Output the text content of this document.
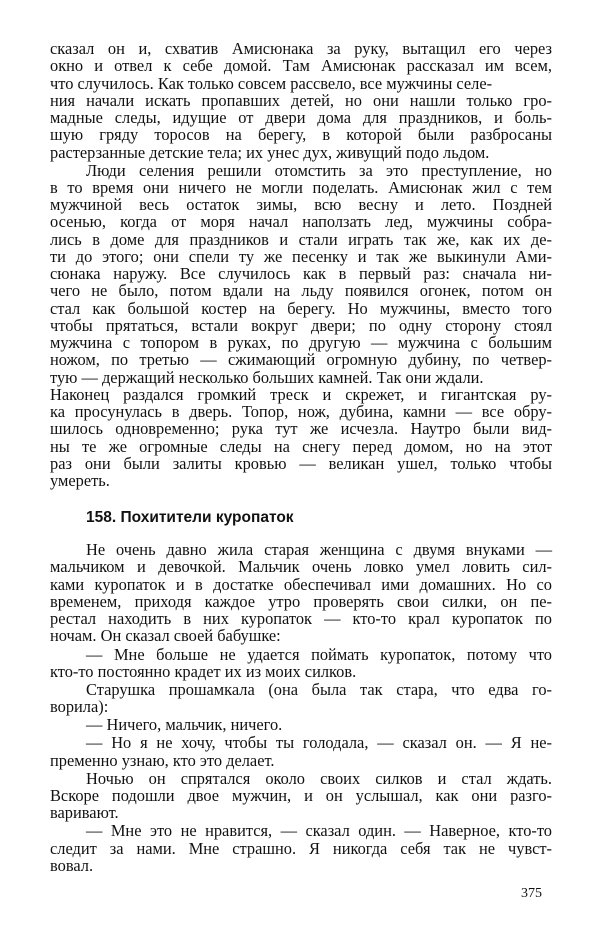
сказал он и, схватив Амисюнака за руку, вытащил его через
окно и отвел к себе домой. Там Амисюнак рассказал им всем,
что случилось. Как только совсем рассвело, все мужчины селе-
ния начали искать пропавших детей, но они нашли только гро-
мадные следы, идущие от двери дома для праздников, и боль-
шую гряду торосов на берегу, в которой были разбросаны
растерзанные детские тела; их унес дух, живущий подо льдом.
Люди селения решили отомстить за это преступление, но
в то время они ничего не могли поделать. Амисюнак жил с тем
мужчиной весь остаток зимы, всю весну и лето. Поздней
осенью, когда от моря начал наползать лед, мужчины собра-
лись в доме для праздников и стали играть так же, как их де-
ти до этого; они спели ту же песенку и так же выкинули Ами-
сюнака наружу. Все случилось как в первый раз: сначала ни-
чего не было, потом вдали на льду появился огонек, потом он
стал как большой костер на берегу. Но мужчины, вместо того
чтобы прятаться, встали вокруг двери; по одну сторону стоял
мужчина с топором в руках, по другую — мужчина с большим
ножом, по третью — сжимающий огромную дубину, по четвер-
тую — держащий несколько больших камней. Так они ждали.
Наконец раздался громкий треск и скрежет, и гигантская ру-
ка просунулась в дверь. Топор, нож, дубина, камни — все обру-
шилось одновременно; рука тут же исчезла. Наутро были вид-
ны те же огромные следы на снегу перед домом, но на этот
раз они были залиты кровью — великан ушел, только чтобы
умереть.
158. Похитители куропаток
Не очень давно жила старая женщина с двумя внуками —
мальчиком и девочкой. Мальчик очень ловко умел ловить сил-
ками куропаток и в достатке обеспечивал ими домашних. Но со
временем, приходя каждое утро проверять свои силки, он пе-
рестал находить в них куропаток — кто-то крал куропаток по
ночам. Он сказал своей бабушке:
— Мне больше не удается поймать куропаток, потому что
кто-то постоянно крадет их из моих силков.
Старушка прошамкала (она была так стара, что едва го-
ворила):
— Ничего, мальчик, ничего.
— Но я не хочу, чтобы ты голодала, — сказал он. — Я не-
пременно узнаю, кто это делает.
Ночью он спрятался около своих силков и стал ждать.
Вскоре подошли двое мужчин, и он услышал, как они разго-
варивают.
— Мне это не нравится, — сказал один. — Наверное, кто-то
следит за нами. Мне страшно. Я никогда себя так не чувст-
вовал.
375
